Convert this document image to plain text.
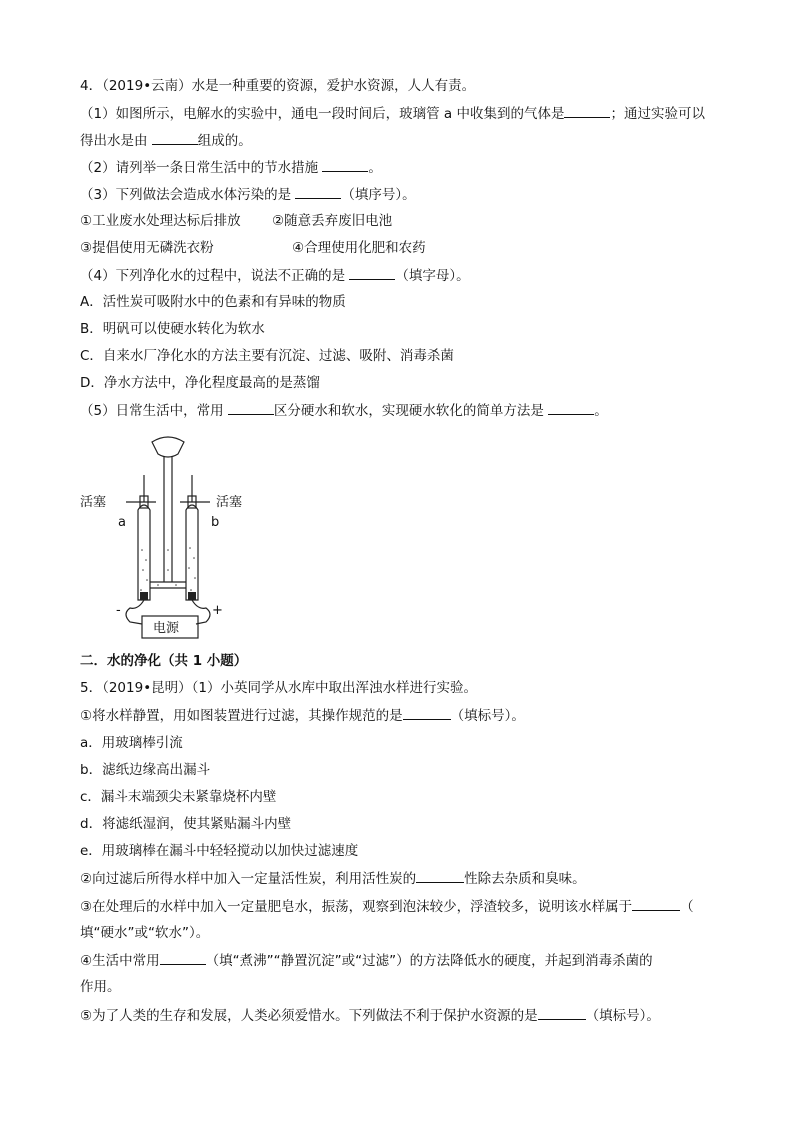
4．（2019•云南）水是一种重要的资源，爱护水资源，人人有责。
（1）如图所示，电解水的实验中，通电一段时间后，玻璃管 a 中收集到的气体是	；通过实验可以
得出水是由	组成的。
（2）请列举一条日常生活中的节水措施	。
（3）下列做法会造成水体污染的是	（填序号）。
①工业废水处理达标后排放 ②随意丢弃废旧电池
③提倡使用无磷洗衣粉	④合理使用化肥和农药
（4）下列净化水的过程中，说法不正确的是	（填字母）。
A．活性炭可吸附水中的色素和有异味的物质
B．明矾可以使硬水转化为软水
C．自来水厂净化水的方法主要有沉淀、过滤、吸附、消毒杀菌
D．净水方法中，净化程度最高的是蒸馏
（5）日常生活中，常用	区分硬水和软水，实现硬水软化的简单方法是	。
活塞	活塞
a	b
-	+
电源
二．水的净化（共 1 小题）
5．（2019•昆明）（1）小英同学从水库中取出浑浊水样进行实验。
①将水样静置，用如图装置进行过滤，其操作规范的是	（填标号）。
a．用玻璃棒引流
b．滤纸边缘高出漏斗
c．漏斗末端颈尖未紧靠烧杯内壁
d．将滤纸湿润，使其紧贴漏斗内壁
e．用玻璃棒在漏斗中轻轻搅动以加快过滤速度
②向过滤后所得水样中加入一定量活性炭，利用活性炭的	性除去杂质和臭味。
③在处理后的水样中加入一定量肥皂水，振荡，观察到泡沫较少，浮渣较多，说明该水样属于	（
填“硬水”或“软水”）。
④生活中常用	（填“煮沸”“静置沉淀”或“过滤”）的方法降低水的硬度，并起到消毒杀菌的
作用。
⑤为了人类的生存和发展，人类必须爱惜水。下列做法不利于保护水资源的是	（填标号）。
